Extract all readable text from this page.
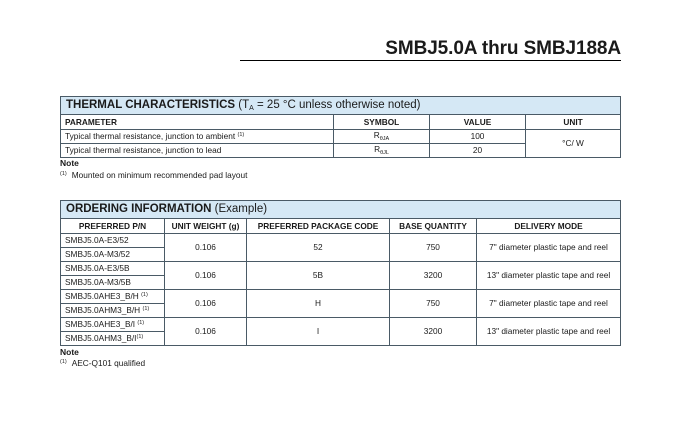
SMBJ5.0A thru SMBJ188A
THERMAL CHARACTERISTICS ($T_A = 25$ °C unless otherwise noted)			
PARAMETER	SYMBOL	VALUE	UNIT
Typical thermal resistance, junction to ambient $^{(1)}$	$R_{\theta JA}$	100	°C/ W
Typical thermal resistance, junction to lead	$R_{\theta JL}$	20	
Note
$^{(1)}$ Mounted on minimum recommended pad layout
ORDERING INFORMATION (Example)				
PREFERRED P/N	UNIT WEIGHT (g)	PREFERRED PACKAGE CODE	BASE QUANTITY	DELIVERY MODE
SMBJ5.0A-E3/52	0.106	52	750	7" diameter plastic tape and reel
SMBJ5.0A-M3/52				
SMBJ5.0A-E3/5B	0.106	5B	3200	13" diameter plastic tape and reel
SMBJ5.0A-M3/5B				
SMBJ5.0AHE3_B/H $^{(1)}$	0.106	H	750	7" diameter plastic tape and reel
SMBJ5.0AHM3_B/H $^{(1)}$
SMBJ5.0AHE3_B/I $^{(1)}$	0.106	I	3200	13" diameter plastic tape and reel
$SMBJ5.0AHM3\_B/I^{(1)}$
Note
$^{(1)}$ AEC-Q101 qualified
